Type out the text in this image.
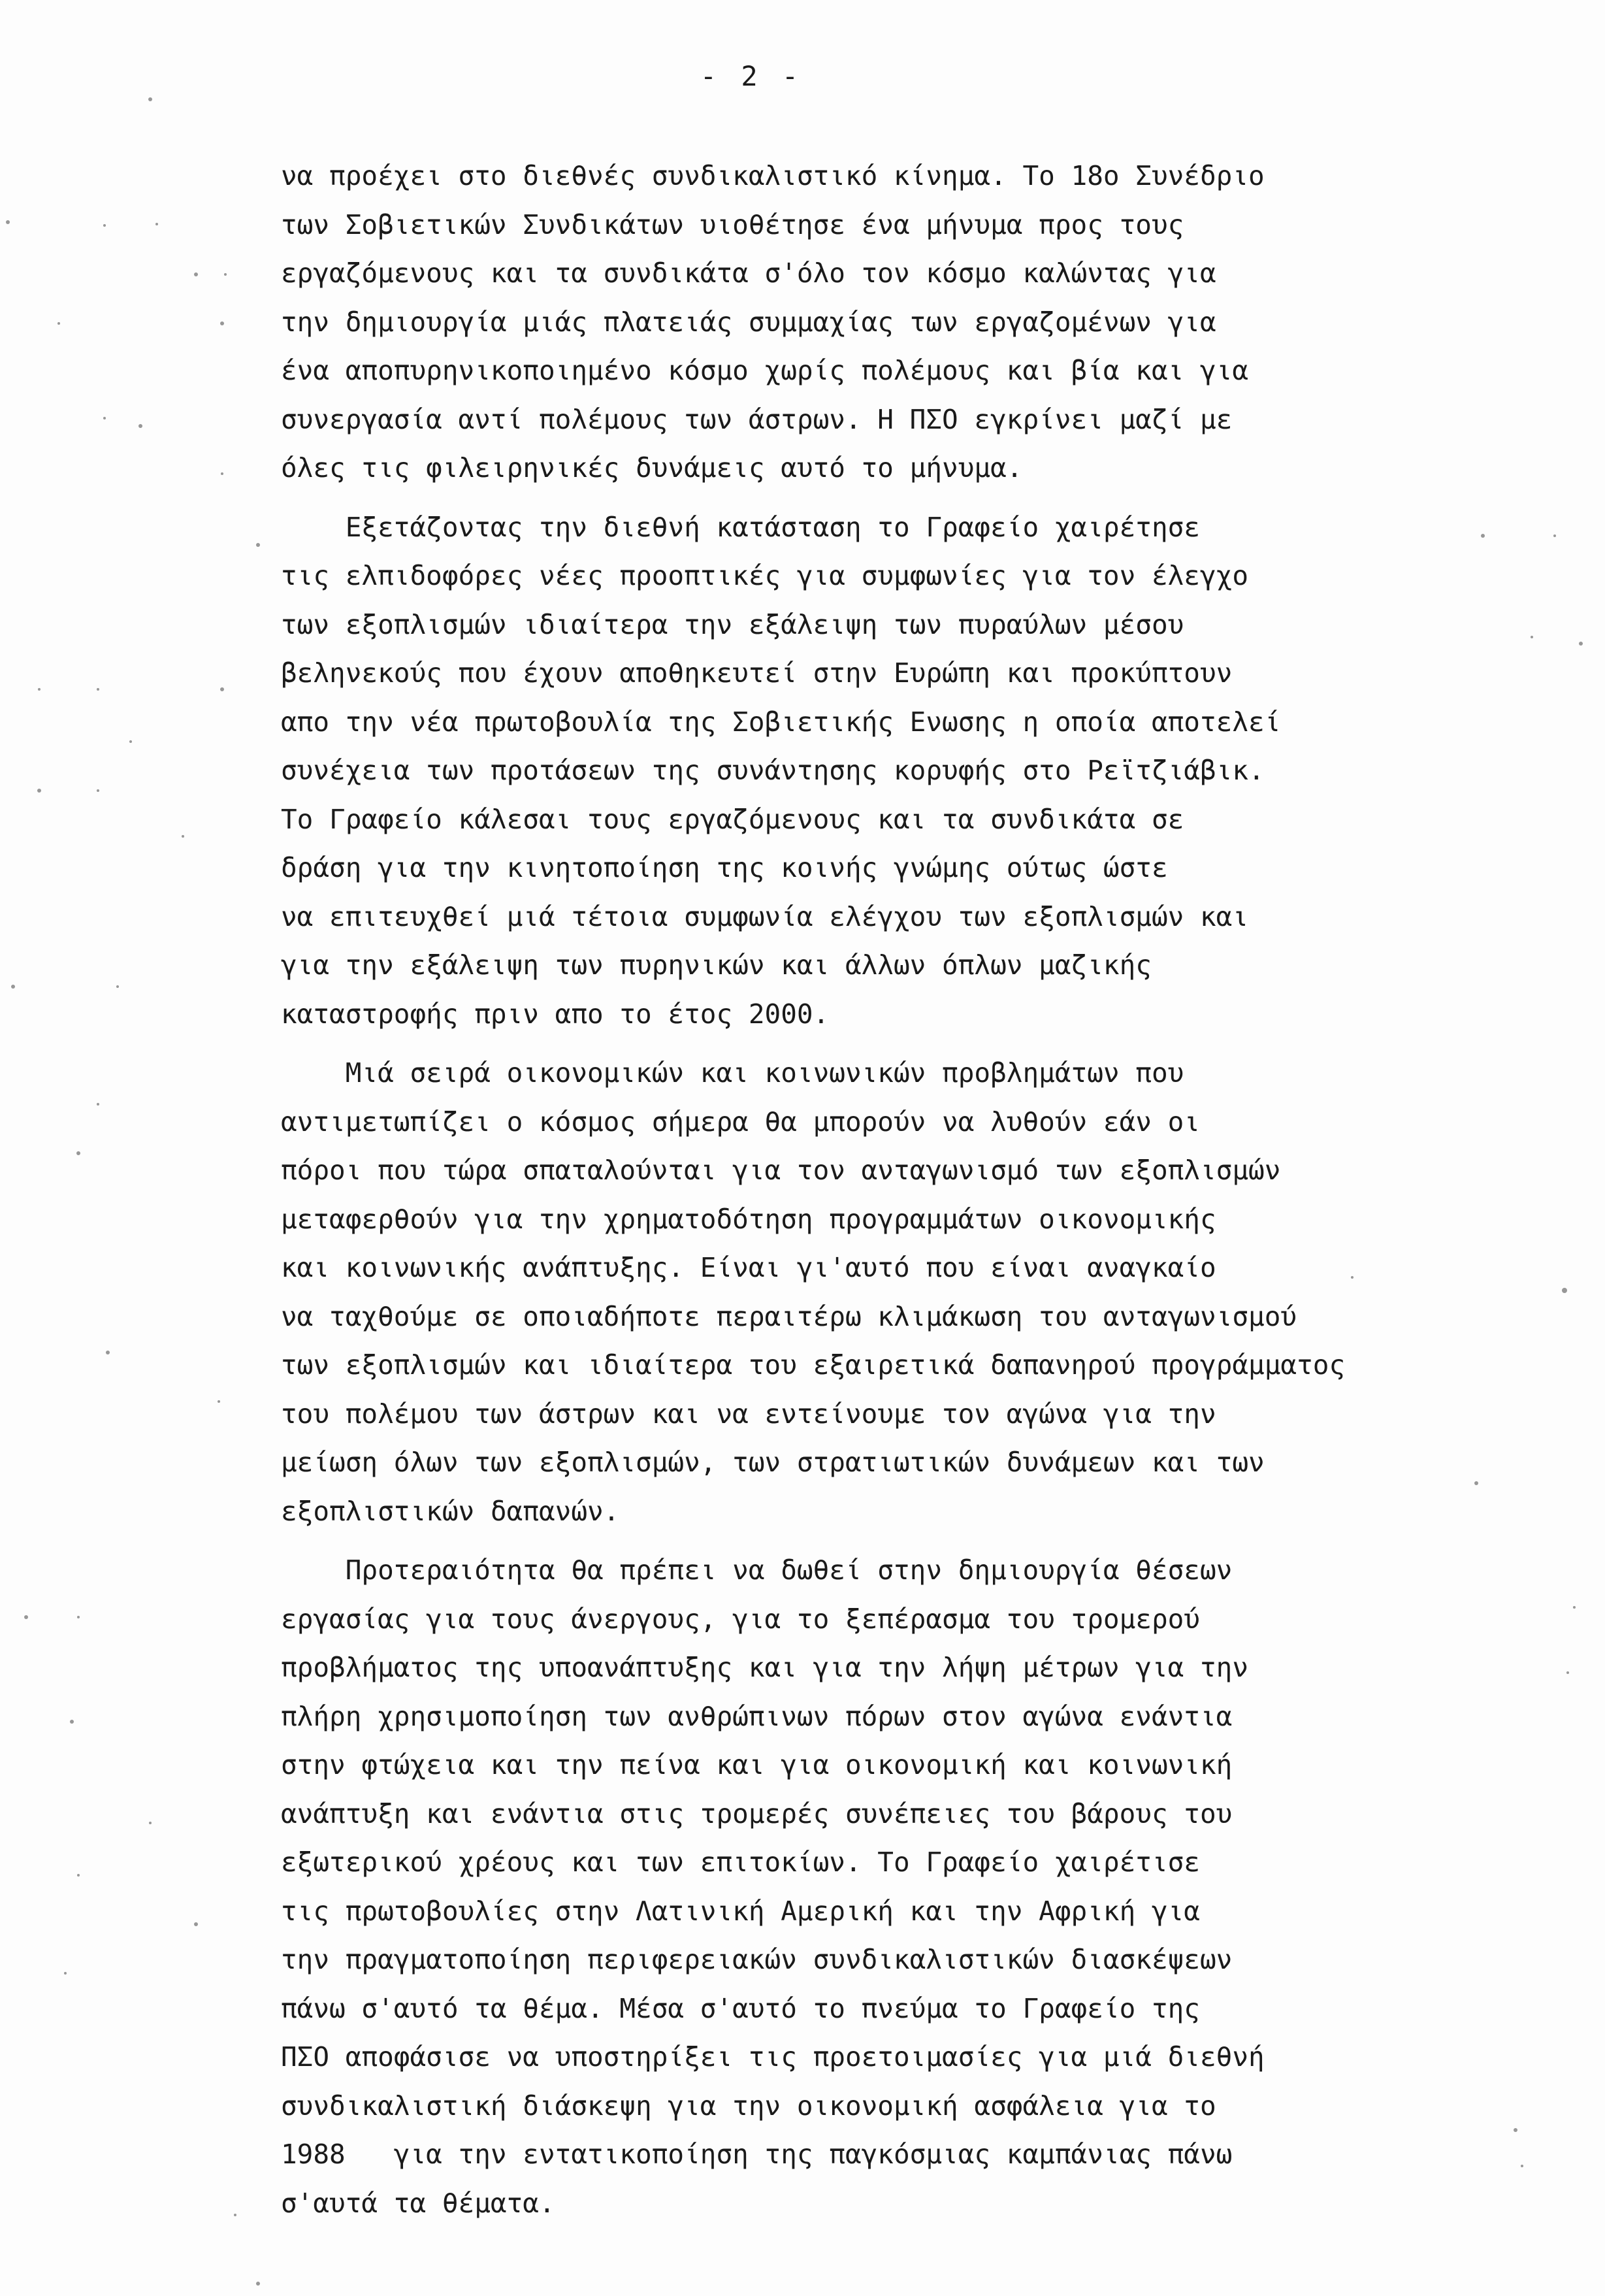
- 2 -

να προέχει στο διεθνές συνδικαλιστικό κίνημα. Το 18ο Συνέδριο
των Σοβιετικών Συνδικάτων υιοθέτησε ένα μήνυμα προς τους
εργαζόμενους και τα συνδικάτα σ'όλο τον κόσμο καλώντας για
την δημιουργία μιάς πλατειάς συμμαχίας των εργαζομένων για
ένα αποπυρηνικοποιημένο κόσμο χωρίς πολέμους και βία και για
συνεργασία αντί πολέμους των άστρων. Η ΠΣΟ εγκρίνει μαζί με
όλες τις φιλειρηνικές δυνάμεις αυτό το μήνυμα.

Εξετάζοντας την διεθνή κατάσταση το Γραφείο χαιρέτησε
τις ελπιδοφόρες νέες προοπτικές για συμφωνίες για τον έλεγχο
των εξοπλισμών ιδιαίτερα την εξάλειψη των πυραύλων μέσου
βεληνεκούς που έχουν αποθηκευτεί στην Ευρώπη και προκύπτουν
απο την νέα πρωτοβουλία της Σοβιετικής Ενωσης η οποία αποτελεί
συνέχεια των προτάσεων της συνάντησης κορυφής στο Ρεϊτζιάβικ.
Το Γραφείο κάλεσαι τους εργαζόμενους και τα συνδικάτα σε
δράση για την κινητοποίηση της κοινής γνώμης ούτως ώστε
να επιτευχθεί μιά τέτοια συμφωνία ελέγχου των εξοπλισμών και
για την εξάλειψη των πυρηνικών και άλλων όπλων μαζικής
καταστροφής πριν απο το έτος 2000.

Μιά σειρά οικονομικών και κοινωνικών προβλημάτων που
αντιμετωπίζει ο κόσμος σήμερα θα μπορούν να λυθούν εάν οι
πόροι που τώρα σπαταλούνται για τον ανταγωνισμό των εξοπλισμών
μεταφερθούν για την χρηματοδότηση προγραμμάτων οικονομικής
και κοινωνικής ανάπτυξης. Είναι γι'αυτό που είναι αναγκαίο
να ταχθούμε σε οποιαδήποτε περαιτέρω κλιμάκωση του ανταγωνισμού
των εξοπλισμών και ιδιαίτερα του εξαιρετικά δαπανηρού προγράμματος
του πολέμου των άστρων και να εντείνουμε τον αγώνα για την
μείωση όλων των εξοπλισμών, των στρατιωτικών δυνάμεων και των
εξοπλιστικών δαπανών.

Προτεραιότητα θα πρέπει να δωθεί στην δημιουργία θέσεων
εργασίας για τους άνεργους, για το ξεπέρασμα του τρομερού
προβλήματος της υποανάπτυξης και για την λήψη μέτρων για την
πλήρη χρησιμοποίηση των ανθρώπινων πόρων στον αγώνα ενάντια
στην φτώχεια και την πείνα και για οικονομική και κοινωνική
ανάπτυξη και ενάντια στις τρομερές συνέπειες του βάρους του
εξωτερικού χρέους και των επιτοκίων. Το Γραφείο χαιρέτισε
τις πρωτοβουλίες στην Λατινική Αμερική και την Αφρική για
την πραγματοποίηση περιφερειακών συνδικαλιστικών διασκέψεων
πάνω σ'αυτό τα θέμα. Μέσα σ'αυτό το πνεύμα το Γραφείο της
ΠΣΟ αποφάσισε να υποστηρίξει τις προετοιμασίες για μιά διεθνή
συνδικαλιστική διάσκεψη για την οικονομική ασφάλεια για το
1988   για την εντατικοποίηση της παγκόσμιας καμπάνιας πάνω
σ'αυτά τα θέματα.
